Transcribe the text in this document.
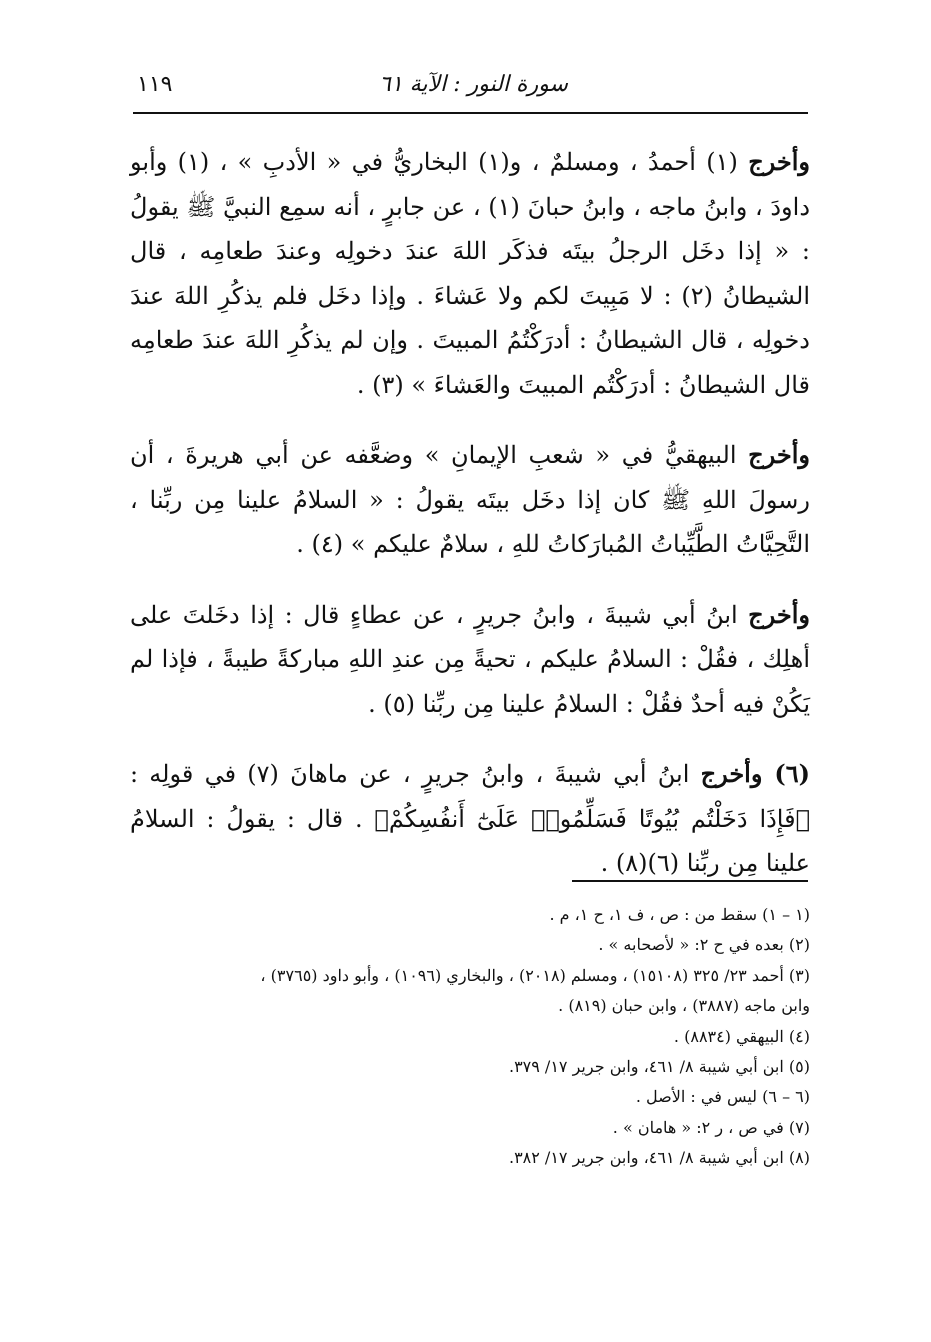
سورة النور : الآية ٦١
١١٩

وأخرج (١) أحمدُ ، ومسلمٌ ، و(١) البخاريُّ في « الأدبِ » ، (١) وأبو داودَ ، وابنُ ماجه ، وابنُ حبانَ (١) ، عن جابرٍ ، أنه سمِع النبيَّ ﷺ يقولُ : « إذا دخَل الرجلُ بيتَه فذكَر اللهَ عندَ دخولِه وعندَ طعامِه ، قال الشيطانُ (٢) : لا مَبِيتَ لكم ولا عَشاءَ . وإذا دخَل فلم يذكُرِ اللهَ عندَ دخولِه ، قال الشيطانُ : أدرَكْتُمُ المبيتَ . وإن لم يذكُرِ اللهَ عندَ طعامِه قال الشيطانُ : أدرَكْتُم المبيتَ والعَشاءَ » (٣) .

وأخرج البيهقيُّ في « شعبِ الإيمانِ » وضعَّفه عن أبي هريرةَ ، أن رسولَ اللهِ ﷺ كان إذا دخَل بيتَه يقولُ : « السلامُ علينا مِن ربِّنا ، التَّحِيَّاتُ الطَّيِّباتُ المُبارَكاتُ للهِ ، سلامٌ عليكم » (٤) .

وأخرج ابنُ أبي شيبةَ ، وابنُ جريرٍ ، عن عطاءٍ قال : إذا دخَلتَ على أهلِك ، فقُلْ : السلامُ عليكم ، تحيةً مِن عندِ اللهِ مباركةً طيبةً ، فإذا لم يَكُنْ فيه أحدٌ فقُلْ : السلامُ علينا مِن ربِّنا (٥) .

(٦) وأخرج ابنُ أبي شيبةَ ، وابنُ جريرٍ ، عن ماهانَ (٧) في قولِه : ﴿فَإِذَا دَخَلْتُم بُيُوتًا فَسَلِّمُوا۟ عَلَىٰٓ أَنفُسِكُمْ﴾ . قال : يقولُ : السلامُ علينا مِن ربِّنا (٦)(٨) .

(١ – ١) سقط من : ص ، ف ١، ح ١، م .
(٢) بعده في ح ٢: « لأصحابه » .
(٣) أحمد ٢٣/ ٣٢٥ (١٥١٠٨) ، ومسلم (٢٠١٨) ، والبخاري (١٠٩٦) ، وأبو داود (٣٧٦٥) ،
وابن ماجه (٣٨٨٧) ، وابن حبان (٨١٩) .
(٤) البيهقي (٨٨٣٤) .
(٥) ابن أبي شيبة ٨/ ٤٦١، وابن جرير ١٧/ ٣٧٩.
(٦ – ٦) ليس في : الأصل .
(٧) في ص ، ر ٢: « هامان » .
(٨) ابن أبي شيبة ٨/ ٤٦١، وابن جرير ١٧/ ٣٨٢.
